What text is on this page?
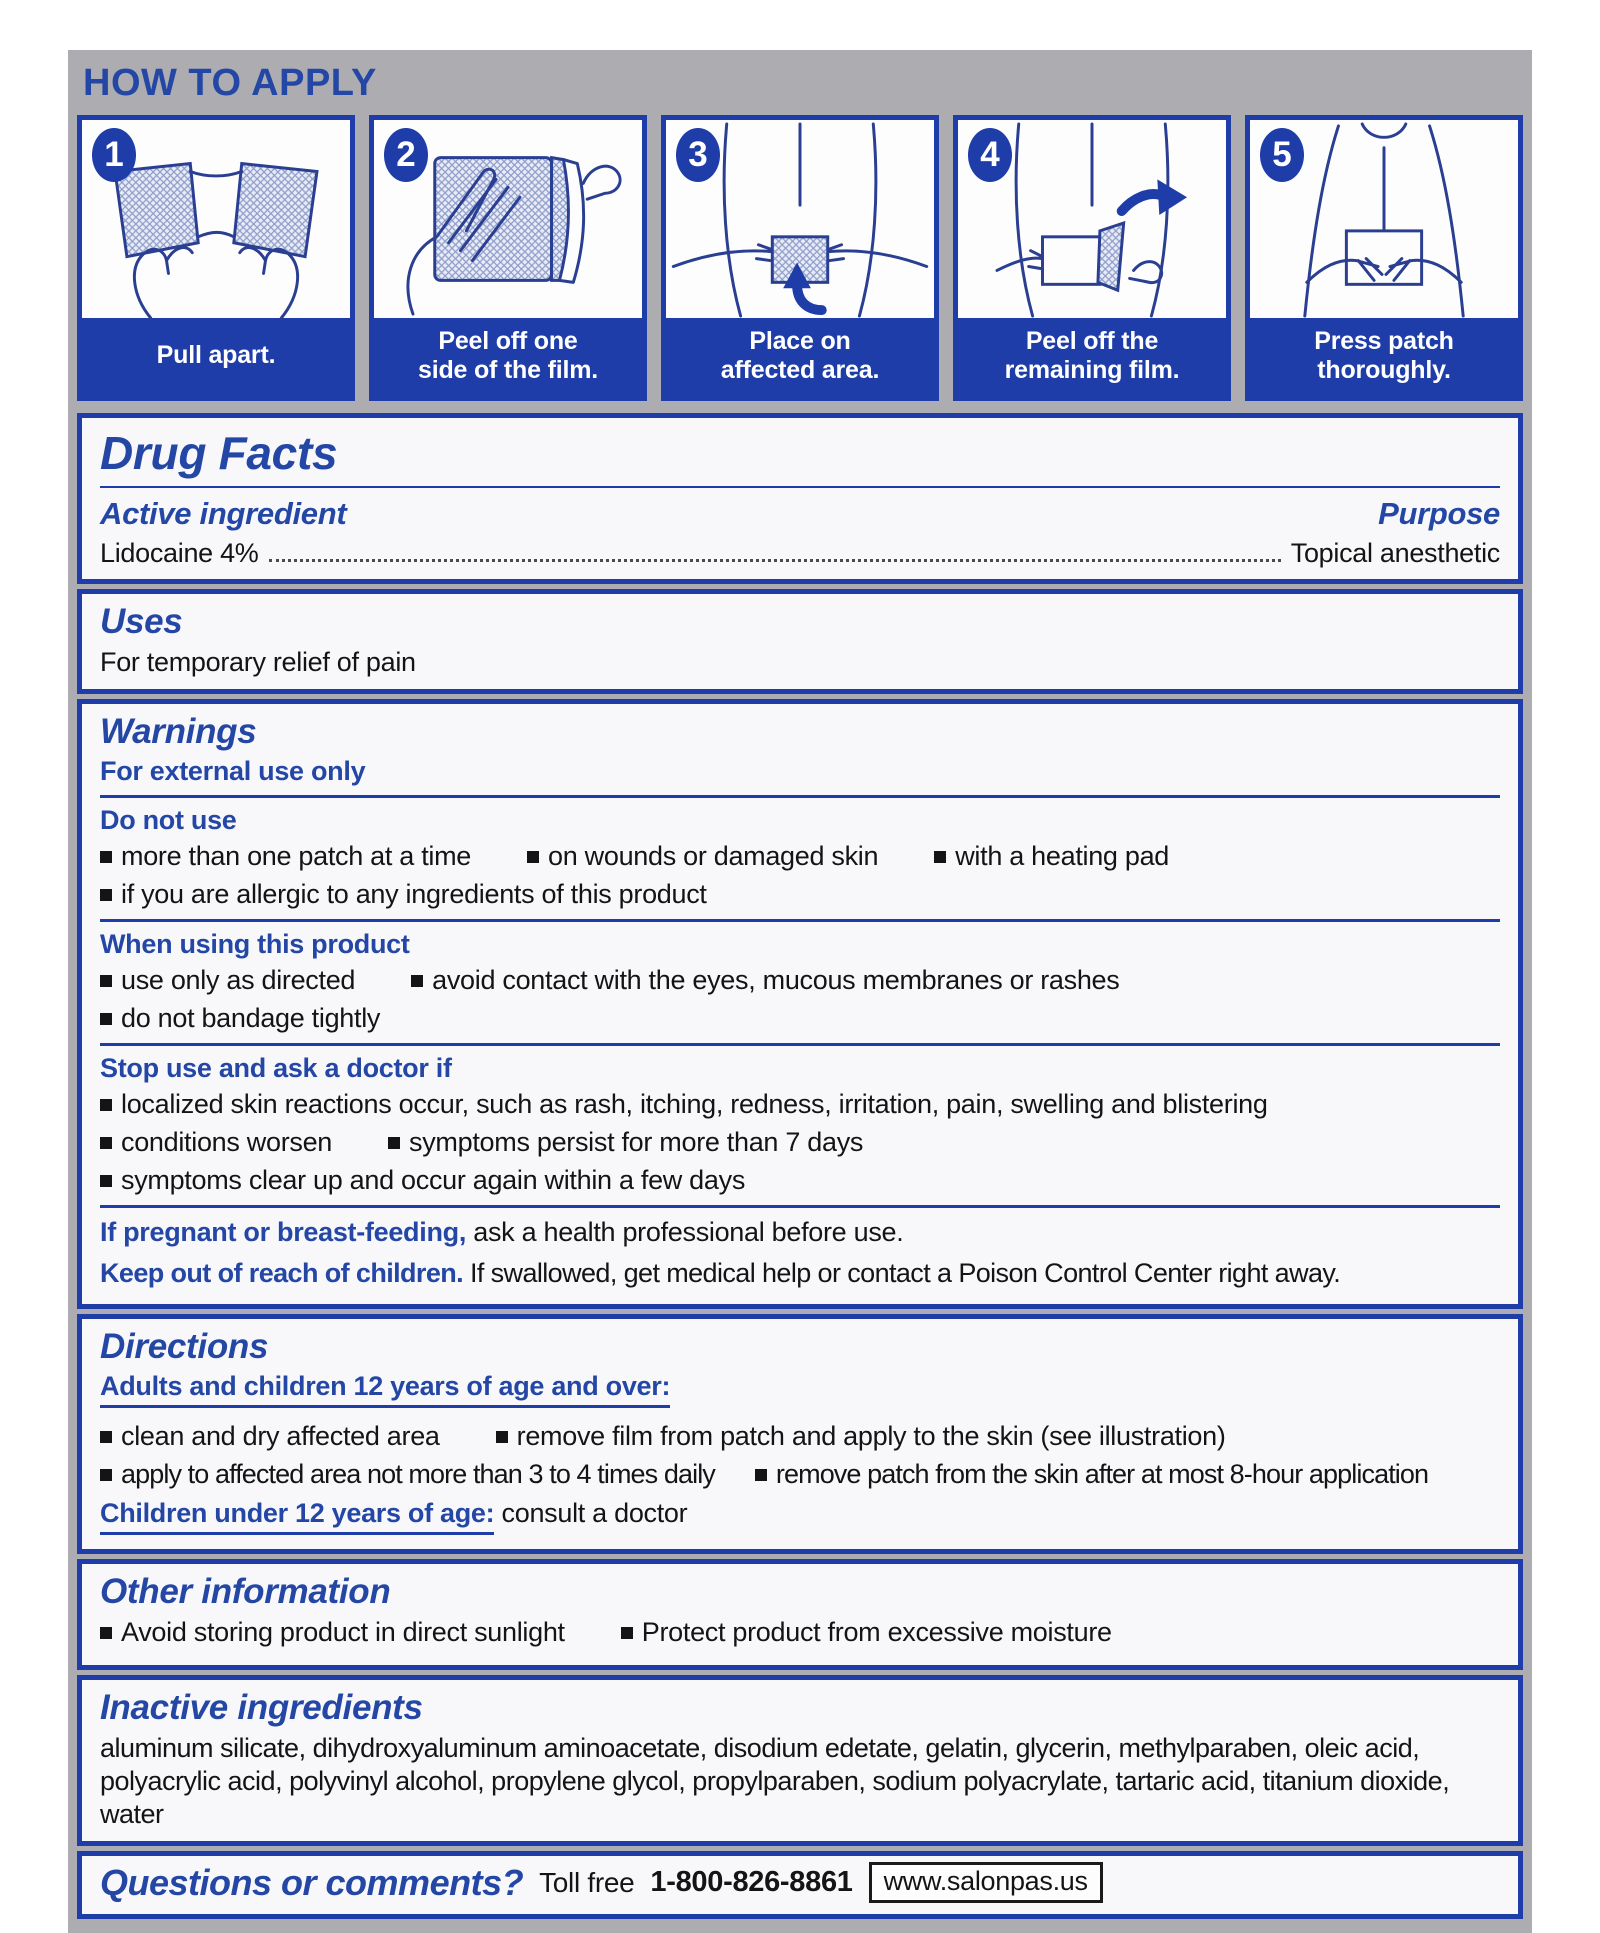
HOW TO APPLY
1
Pull apart.
2
Peel off one
side of the film.
3
Place on
affected area.
4
Peel off the
remaining film.
5
Press patch
thoroughly.
Drug Facts
Active ingredient	Purpose
Lidocaine 4%	Topical anesthetic
Uses
For temporary relief of pain
Warnings
For external use only
Do not use
more than one patch at a time	on wounds or damaged skin	with a heating pad
if you are allergic to any ingredients of this product
When using this product
use only as directed	avoid contact with the eyes, mucous membranes or rashes
do not bandage tightly
Stop use and ask a doctor if
localized skin reactions occur, such as rash, itching, redness, irritation, pain, swelling and blistering
conditions worsen	symptoms persist for more than 7 days
symptoms clear up and occur again within a few days
If pregnant or breast-feeding, ask a health professional before use.
Keep out of reach of children. If swallowed, get medical help or contact a Poison Control Center right away.
Directions
Adults and children 12 years of age and over:
clean and dry affected area	remove film from patch and apply to the skin (see illustration)
apply to affected area not more than 3 to 4 times daily remove patch from the skin after at most 8-hour application
Children under 12 years of age: consult a doctor
Other information
Avoid storing product in direct sunlight	Protect product from excessive moisture
Inactive ingredients
aluminum silicate, dihydroxyaluminum aminoacetate, disodium edetate, gelatin, glycerin, methylparaben, oleic acid, polyacrylic acid, polyvinyl alcohol, propylene glycol, propylparaben, sodium polyacrylate, tartaric acid, titanium dioxide, water
Questions or comments? Toll free 1-800-826-8861	www.salonpas.us
